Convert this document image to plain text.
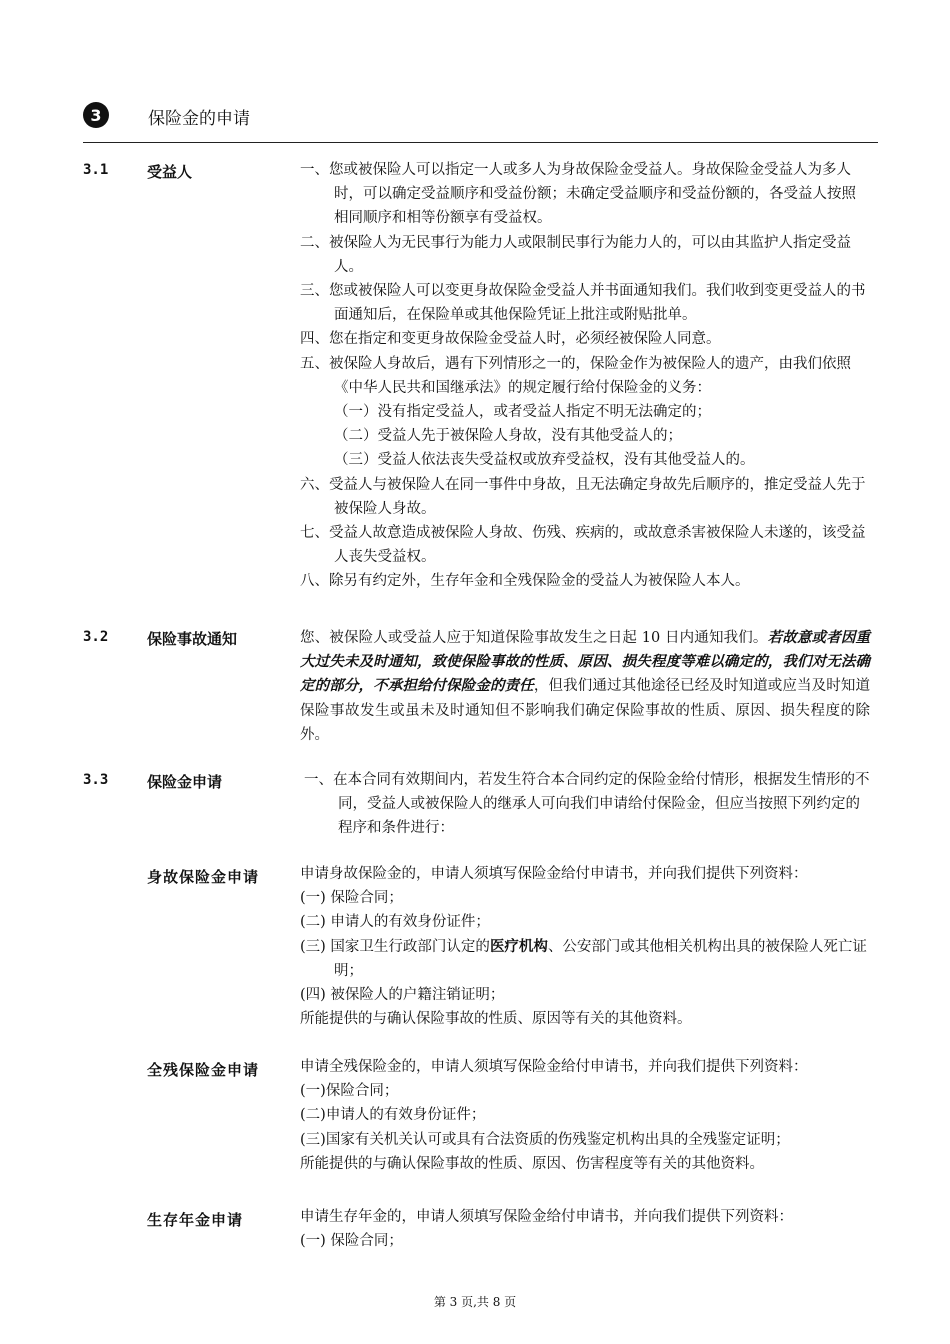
3	保险金的申请
3.1	受益人	一、您或被保险人可以指定一人或多人为身故保险金受益人。身故保险金受益人为多人时，可以确定受益顺序和受益份额；未确定受益顺序和受益份额的，各受益人按照相同顺序和相等份额享有受益权。

二、被保险人为无民事行为能力人或限制民事行为能力人的，可以由其监护人指定受益人。

三、您或被保险人可以变更身故保险金受益人并书面通知我们。我们收到变更受益人的书面通知后，在保险单或其他保险凭证上批注或附贴批单。

四、您在指定和变更身故保险金受益人时，必须经被保险人同意。

五、被保险人身故后，遇有下列情形之一的，保险金作为被保险人的遗产，由我们依照《中华人民共和国继承法》的规定履行给付保险金的义务：

（一）没有指定受益人，或者受益人指定不明无法确定的；

（二）受益人先于被保险人身故，没有其他受益人的；

（三）受益人依法丧失受益权或放弃受益权，没有其他受益人的。

六、受益人与被保险人在同一事件中身故，且无法确定身故先后顺序的，推定受益人先于被保险人身故。

七、受益人故意造成被保险人身故、伤残、疾病的，或故意杀害被保险人未遂的，该受益人丧失受益权。

八、除另有约定外，生存年金和全残保险金的受益人为被保险人本人。

3.2	保险事故通知	您、被保险人或受益人应于知道保险事故发生之日起 10 日内通知我们。若故意或者因重大过失未及时通知，致使保险事故的性质、原因、损失程度等难以确定的，我们对无法确定的部分，不承担给付保险金的责任，但我们通过其他途径已经及时知道或应当及时知道保险事故发生或虽未及时通知但不影响我们确定保险事故的性质、原因、损失程度的除外。

3.3	保险金申请	一、在本合同有效期间内，若发生符合本合同约定的保险金给付情形，根据发生情形的不同，受益人或被保险人的继承人可向我们申请给付保险金，但应当按照下列约定的程序和条件进行：

身故保险金申请	申请身故保险金的，申请人须填写保险金给付申请书，并向我们提供下列资料：

(一) 保险合同；

(二) 申请人的有效身份证件；

(三) 国家卫生行政部门认定的医疗机构、公安部门或其他相关机构出具的被保险人死亡证明；

(四) 被保险人的户籍注销证明；

所能提供的与确认保险事故的性质、原因等有关的其他资料。

全残保险金申请	申请全残保险金的，申请人须填写保险金给付申请书，并向我们提供下列资料：

(一)保险合同；

(二)申请人的有效身份证件；

(三)国家有关机关认可或具有合法资质的伤残鉴定机构出具的全残鉴定证明；

所能提供的与确认保险事故的性质、原因、伤害程度等有关的其他资料。

生存年金申请	申请生存年金的，申请人须填写保险金给付申请书，并向我们提供下列资料：

(一) 保险合同；

第 3 页,共 8 页
